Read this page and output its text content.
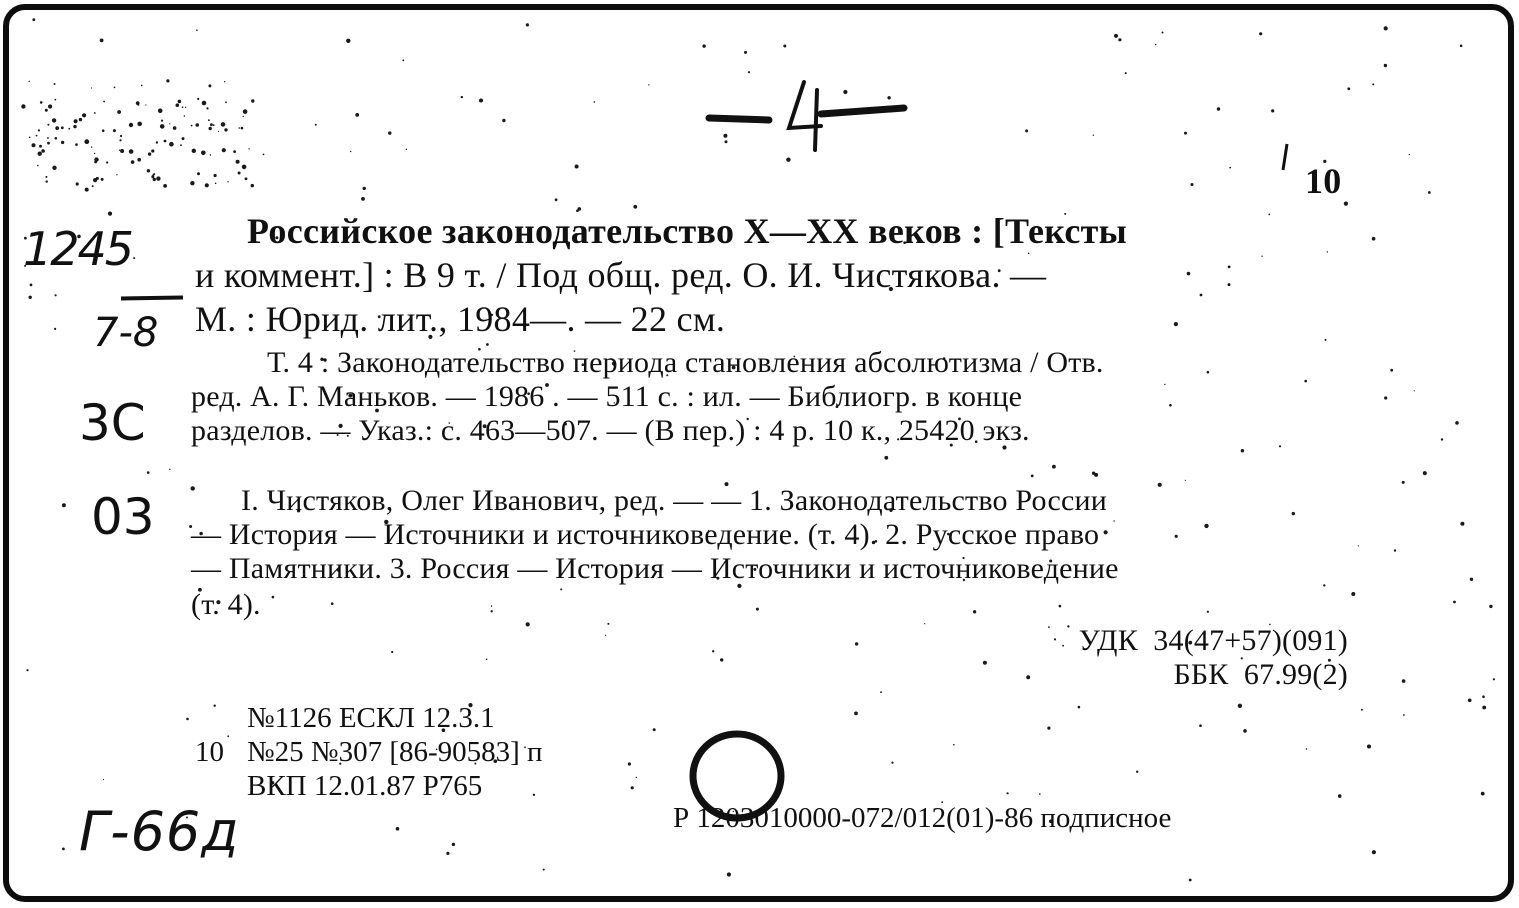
1245
7-8
3C
03
Г-66д
10
Российское законодательство X—XX веков : [Тексты
и коммент.] : В 9 т. / Под общ. ред. О. И. Чистякова. —
М. : Юрид. лит., 1984—. — 22 см.
Т. 4 : Законодательство периода становления абсолютизма / Отв.
ред. А. Г. Маньков. — 1986 . — 511 с. : ил. — Библиогр. в конце
разделов. — Указ.: с. 463—507. — (В пер.) : 4 р. 10 к., 25420 экз.
I. Чистяков, Олег Иванович, ред. — — 1. Законодательство России
— История — Источники и источниковедение. (т. 4). 2. Русское право
— Памятники. 3. Россия — История — Источники и источниковедение
(т. 4).
УДК  34(47+57)(091)
ББК  67.99(2)
№1126 ЕСКЛ 12.3.1
10 №25 №307 [86-90583] п
ВКП 12.01.87 Р765
Р 1203010000-072/012(01)-86 подписное
